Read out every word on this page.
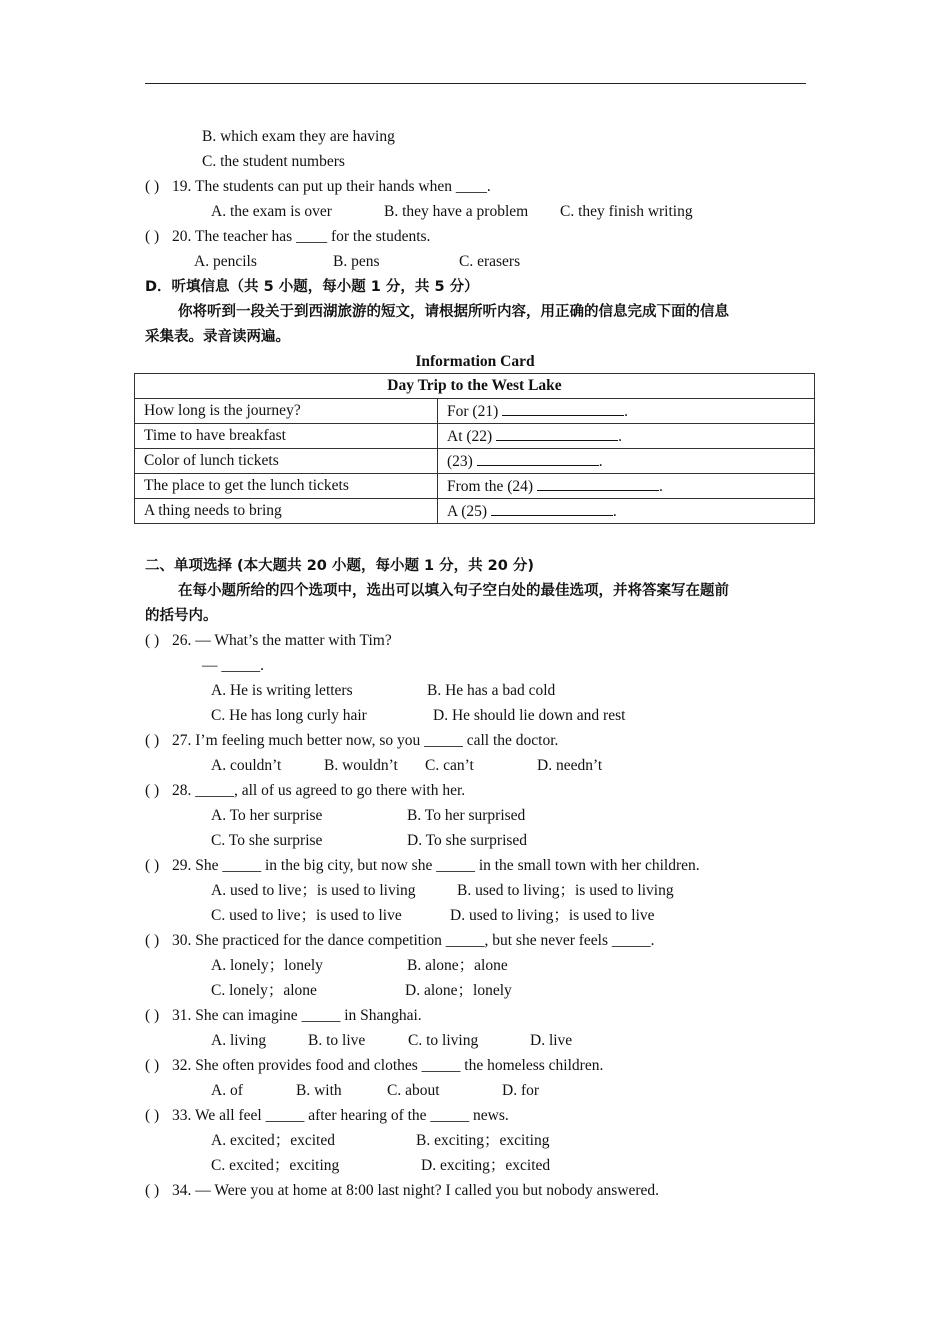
B. which exam they are having
C. the student numbers
( ) 19. The students can put up their hands when ____.
A. the exam is over	B. they have a problem C. they finish writing
( ) 20. The teacher has ____ for the students.
A. pencils	B. pens	C. erasers
D．听填信息（共 5 小题，每小题 1 分，共 5 分）
你将听到一段关于到西湖旅游的短文，请根据所听内容，用正确的信息完成下面的信息
采集表。录音读两遍。
Information Card
Day Trip to the West Lake	
How long is the journey?	For (21) .
Time to have breakfast	At (22) .
Color of lunch tickets	(23) .
The place to get the lunch tickets	From the (24) .
A thing needs to bring	A (25) .
二、单项选择 (本大题共 20 小题，每小题 1 分，共 20 分)
在每小题所给的四个选项中，选出可以填入句子空白处的最佳选项，并将答案写在题前
的括号内。
( ) 26. — What’s the matter with Tim?
— _____.
A. He is writing letters	B. He has a bad cold
C. He has long curly hair	D. He should lie down and rest
( ) 27. I’m feeling much better now, so you _____ call the doctor.
A. couldn’t	B. wouldn’t C. can’t	D. needn’t
( ) 28. _____, all of us agreed to go there with her.
A. To her surprise	B. To her surprised
C. To she surprise	D. To she surprised
( ) 29. She _____ in the big city, but now she _____ in the small town with her children.
A. used to live；is used to living	B. used to living；is used to living
C. used to live；is used to live	D. used to living；is used to live
( ) 30. She practiced for the dance competition _____, but she never feels _____.
A. lonely；lonely	B. alone；alone
C. lonely；alone	D. alone；lonely
( ) 31. She can imagine _____ in Shanghai.
A. living	B. to live	C. to living	D. live
( ) 32. She often provides food and clothes _____ the homeless children.
A. of	B. with	C. about	D. for
( ) 33. We all feel _____ after hearing of the _____ news.
A. excited；excited	B. exciting；exciting
C. excited；exciting	D. exciting；excited
( ) 34. — Were you at home at 8:00 last night? I called you but nobody answered.
